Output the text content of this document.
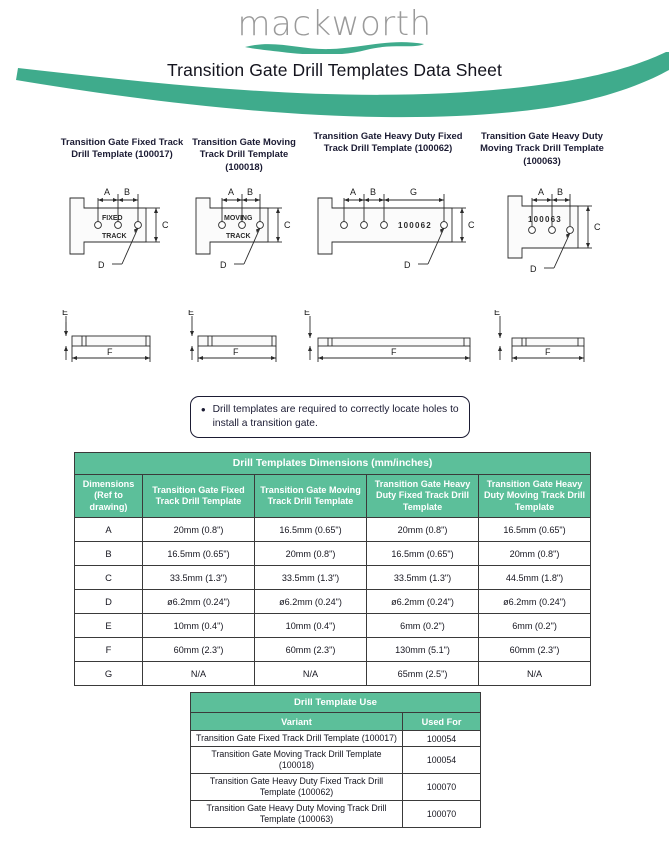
mackworth
Transition Gate Drill Templates Data Sheet
Transition Gate Fixed Track Drill Template (100017)
Transition Gate Moving Track Drill Template (100018)
Transition Gate Heavy Duty Fixed Track Drill Template (100062)
Transition Gate Heavy Duty Moving Track Drill Template (100063)
A B
C
FIXED
TRACK
D
A B
C
MOVING
TRACK
D
A B	G
C
100062
D
A B
C
100063
D
E
F
E
F
E
F
E
F
• Drill templates are required to correctly locate holes to install a transition gate.
Drill Templates Dimensions (mm/inches)				
Dimensions (Ref to drawing)	Transition Gate Fixed Track Drill Template	Transition Gate Moving Track Drill Template	Transition Gate Heavy Duty Fixed Track Drill Template	Transition Gate Heavy Duty Moving Track Drill Template
A	20mm (0.8")	16.5mm (0.65")	20mm (0.8")	16.5mm (0.65")
B	16.5mm (0.65")	20mm (0.8")	16.5mm (0.65")	20mm (0.8")
C	33.5mm (1.3")	33.5mm (1.3")	33.5mm (1.3")	44.5mm (1.8")
D	ø6.2mm (0.24")	ø6.2mm (0.24")	ø6.2mm (0.24")	ø6.2mm (0.24")
E	10mm (0.4")	10mm (0.4")	6mm (0.2")	6mm (0.2")
F	60mm (2.3")	60mm (2.3")	130mm (5.1")	60mm (2.3")
G	N/A	N/A	65mm (2.5")	N/A
Drill Template Use	
Variant	Used For
Transition Gate Fixed Track Drill Template (100017)	100054
Transition Gate Moving Track Drill Template (100018)	100054
Transition Gate Heavy Duty Fixed Track Drill Template (100062)	100070
Transition Gate Heavy Duty Moving Track Drill Template (100063)	100070
